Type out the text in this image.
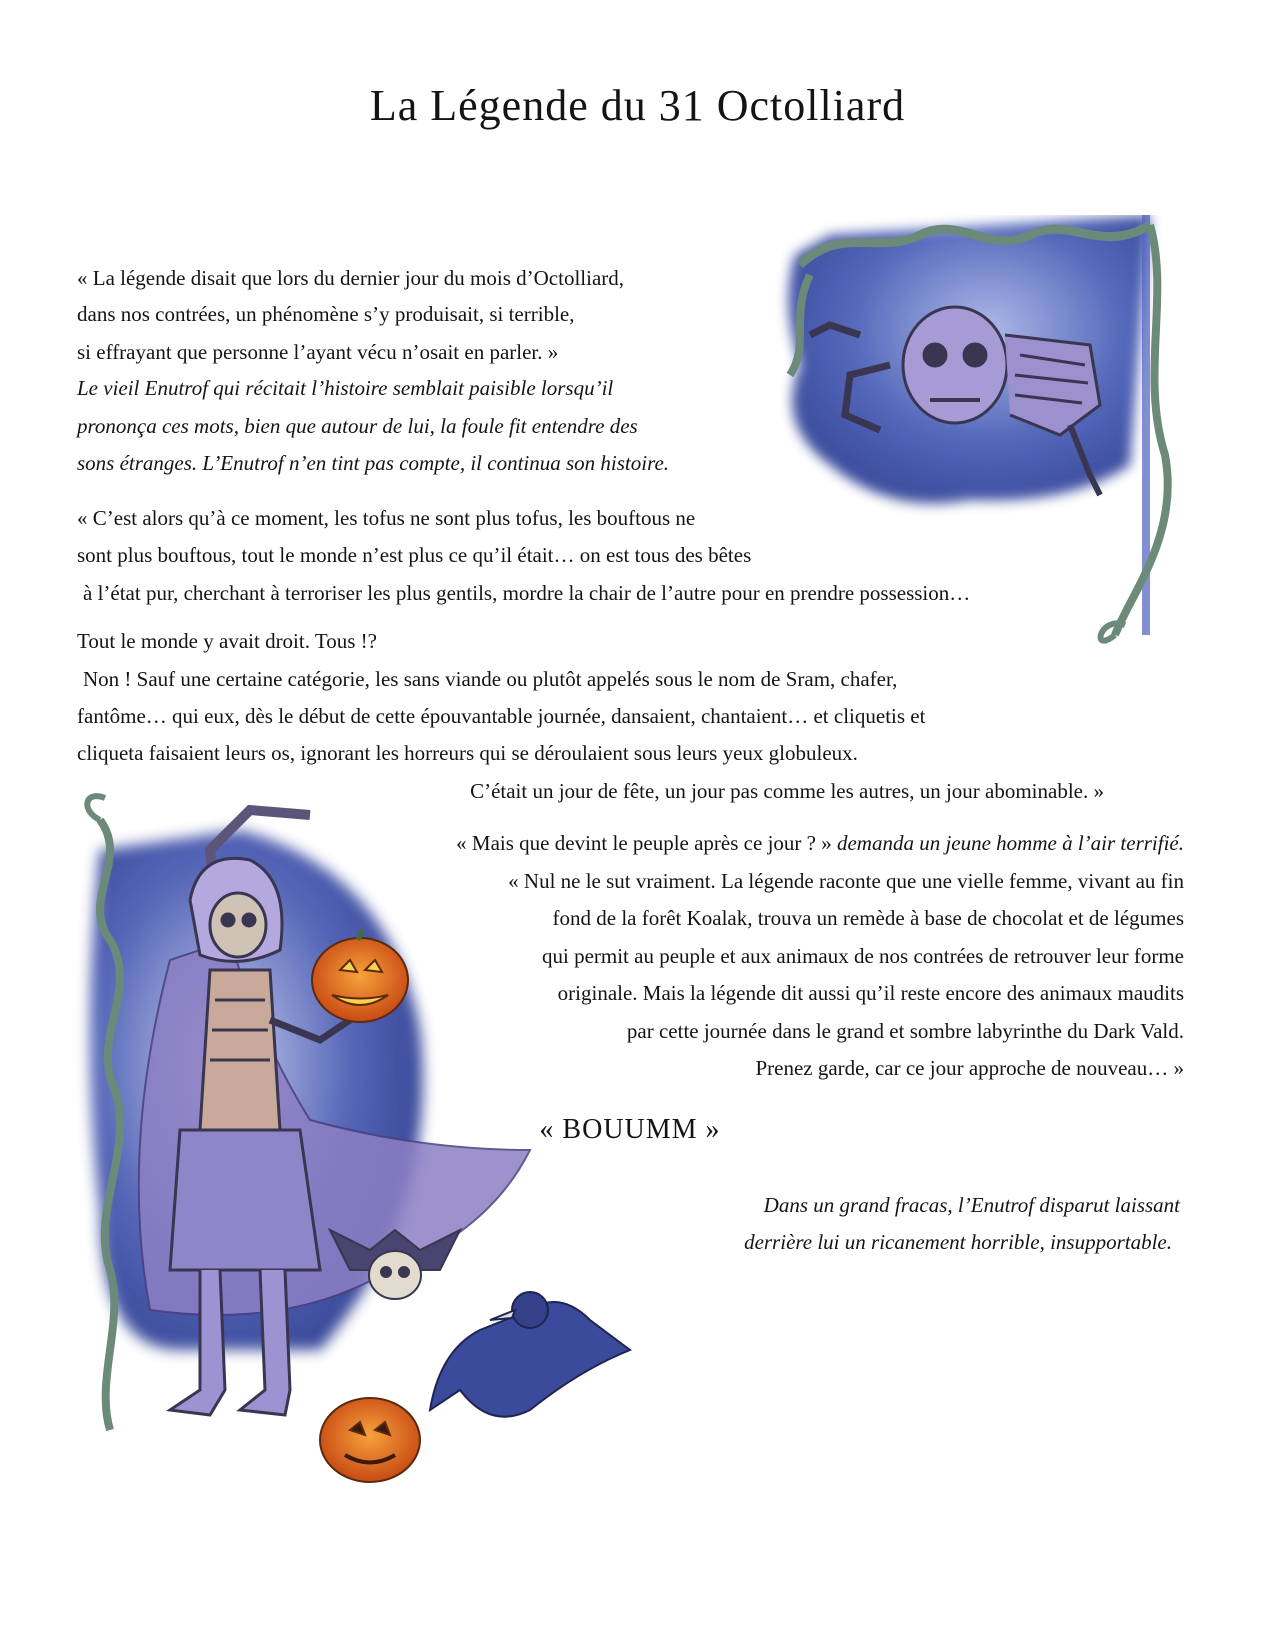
La Légende du 31 Octolliard
« La légende disait que lors du dernier jour du mois d’Octolliard,
dans nos contrées, un phénomène s’y produisait, si terrible,
si effrayant que personne l’ayant vécu n’osait en parler. »
Le vieil Enutrof qui récitait l’histoire semblait paisible lorsqu’il
prononça ces mots, bien que autour de lui, la foule fit entendre des
sons étranges. L’Enutrof n’en tint pas compte, il continua son histoire.
« C’est alors qu’à ce moment, les tofus ne sont plus tofus, les bouftous ne
sont plus bouftous, tout le monde n’est plus ce qu’il était… on est tous des bêtes
à l’état pur, cherchant à terroriser les plus gentils, mordre la chair de l’autre pour en prendre possession…
Tout le monde y avait droit. Tous !?
Non ! Sauf une certaine catégorie, les sans viande ou plutôt appelés sous le nom de Sram, chafer,
fantôme… qui eux, dès le début de cette épouvantable journée, dansaient, chantaient… et cliquetis et
cliqueta faisaient leurs os, ignorant les horreurs qui se déroulaient sous leurs yeux globuleux.
C’était un jour de fête, un jour pas comme les autres, un jour abominable. »
« Mais que devint le peuple après ce jour ? » demanda un jeune homme à l’air terrifié.
« Nul ne le sut vraiment. La légende raconte que une vielle femme, vivant au fin
fond de la forêt Koalak, trouva un remède à base de chocolat et de légumes
qui permit au peuple et aux animaux de nos contrées de retrouver leur forme
originale. Mais la légende dit aussi qu’il reste encore des animaux maudits
par cette journée dans le grand et sombre labyrinthe du Dark Vald.
Prenez garde, car ce jour approche de nouveau… »
« BOUUMM »
Dans un grand fracas, l’Enutrof disparut laissant
derrière lui un ricanement horrible, insupportable.
